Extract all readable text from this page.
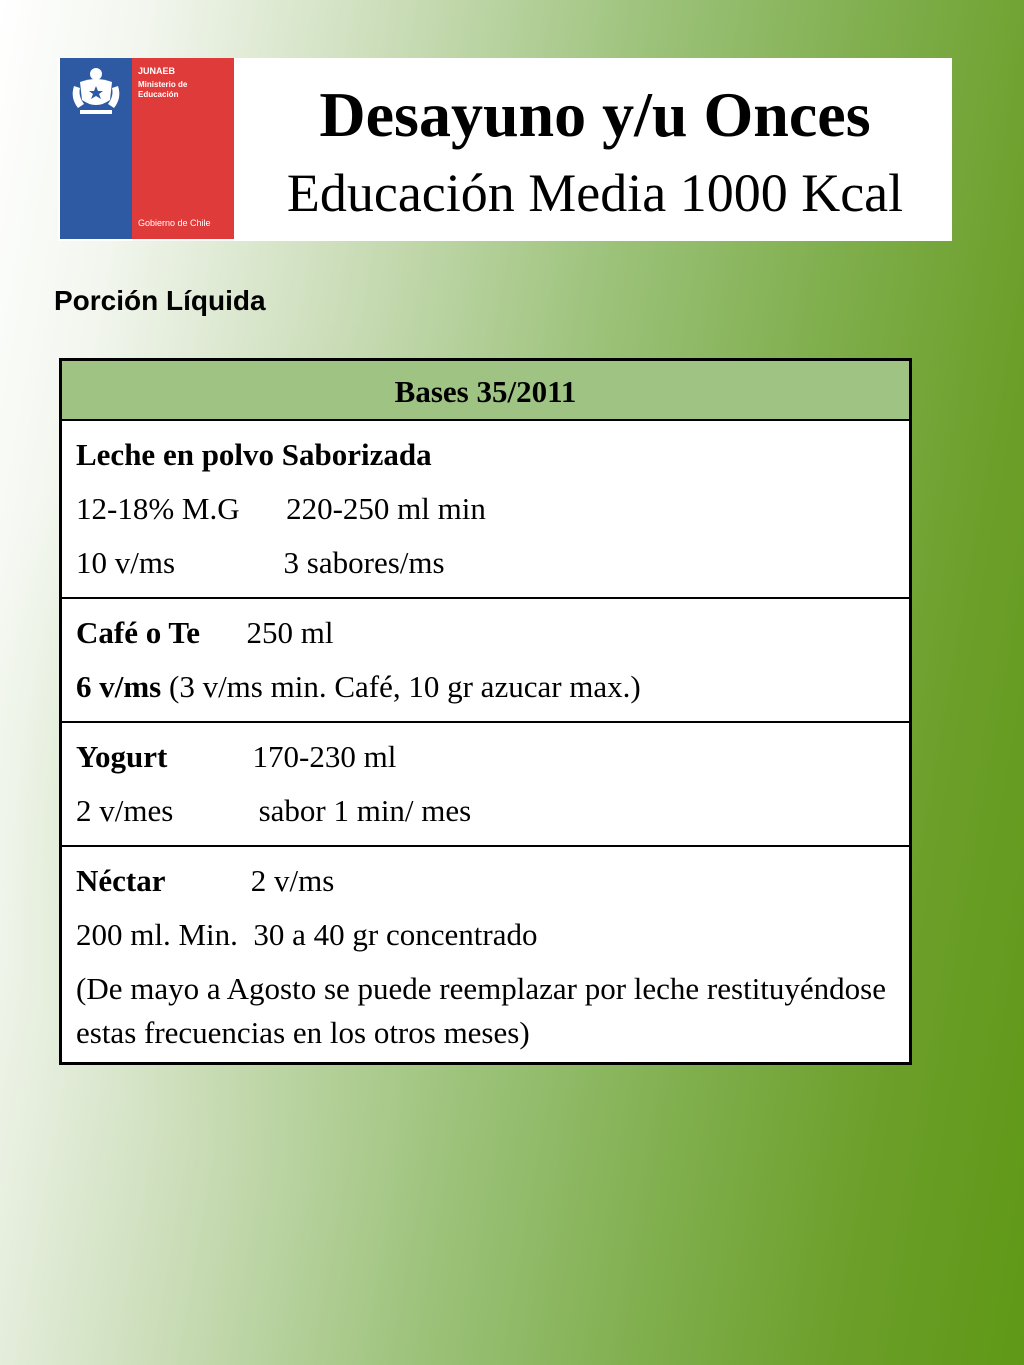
JUNAEB
Ministerio de Educación
Gobierno de Chile
Desayuno y/u Onces
Educación Media 1000 Kcal
Porción Líquida
Bases 35/2011
Leche en polvo Saborizada
12-18% M.G 220-250 ml min
10 v/ms	3 sabores/ms
Café o Te 250 ml
6 v/ms (3 v/ms min. Café, 10 gr azucar max.)
Yogurt	170-230 ml
2 v/mes	sabor 1 min/ mes
Néctar	2 v/ms
200 ml. Min.  30 a 40 gr concentrado
(De mayo a Agosto se puede reemplazar por leche restituyéndose estas frecuencias en los otros meses)
